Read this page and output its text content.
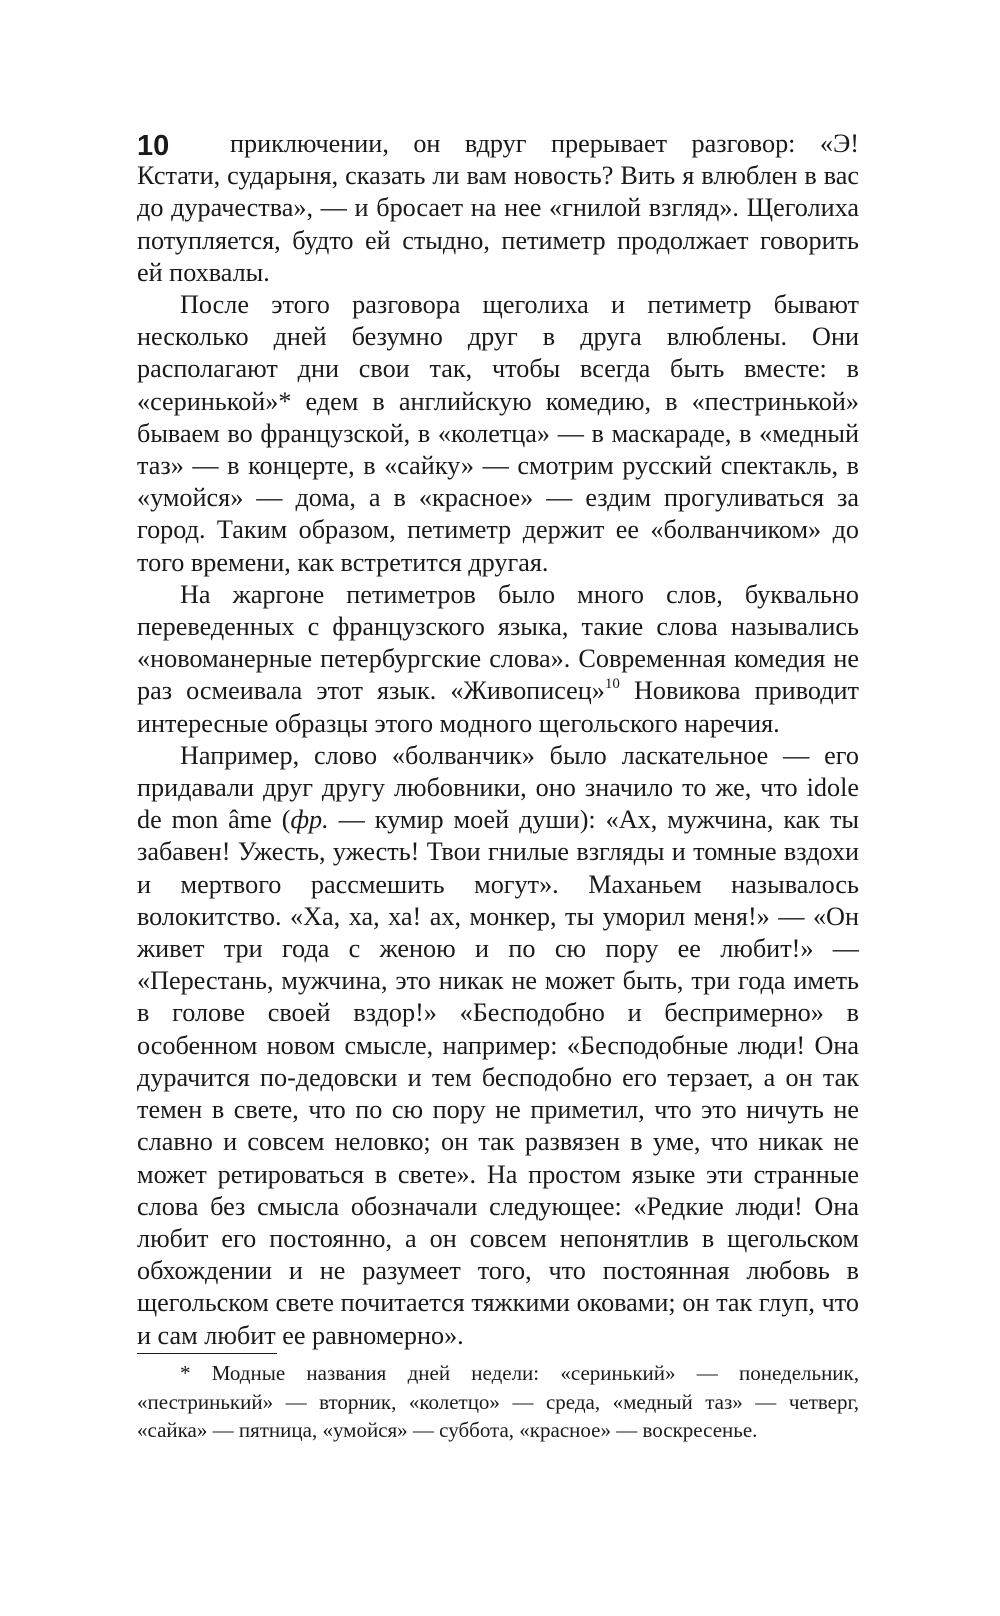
10	приключении, он вдруг прерывает разговор: «Э! Кстати, сударыня, сказать ли вам новость? Вить я влюблен в вас до дурачества», — и бросает на нее «гнилой взгляд». Щеголиха потупляется, будто ей стыдно, петиметр продолжает говорить ей похвалы.

После этого разговора щеголиха и петиметр бывают несколько дней безумно друг в друга влюблены. Они располагают дни свои так, чтобы всегда быть вместе: в «серинькой»* едем в английскую комедию, в «пестринькой» бываем во французской, в «колетца» — в маскараде, в «медный таз» — в концерте, в «сайку» — смотрим русский спектакль, в «умойся» — дома, а в «красное» — ездим прогуливаться за город. Таким образом, петиметр держит ее «болванчиком» до того времени, как встретится другая.

На жаргоне петиметров было много слов, буквально переведенных с французского языка, такие слова назывались «новоманерные петербургские слова». Современная комедия не раз осмеивала этот язык. «Живописец»$^{10}$ Новикова приводит интересные образцы этого модного щегольского наречия.

Например, слово «болванчик» было ласкательное — его придавали друг другу любовники, оно значило то же, что idole de mon âme (фр. — кумир моей души): «Ах, мужчина, как ты забавен! Ужесть, ужесть! Твои гнилые взгляды и томные вздохи и мертвого рассмешить могут». Маханьем называлось волокитство. «Ха, ха, ха! ах, монкер, ты уморил меня!» — «Он живет три года с женою и по сю пору ее любит!» — «Перестань, мужчина, это никак не может быть, три года иметь в голове своей вздор!» «Бесподобно и беспримерно» в особенном новом смысле, например: «Бесподобные люди! Она дурачится по-дедовски и тем бесподобно его терзает, а он так темен в свете, что по сю пору не приметил, что это ничуть не славно и совсем неловко; он так развязен в уме, что никак не может ретироваться в свете». На простом языке эти странные слова без смысла обозначали следующее: «Редкие люди! Она любит его постоянно, а он совсем непонятлив в щегольском обхождении и не разумеет того, что постоянная любовь в щегольском свете почитается тяжкими оковами; он так глуп, что и сам любит ее равномерно».

* Модные названия дней недели: «серинький» — понедельник, «пестринький» — вторник, «колетцо» — среда, «медный таз» — четверг, «сайка» — пятница, «умойся» — суббота, «красное» — воскресенье.
